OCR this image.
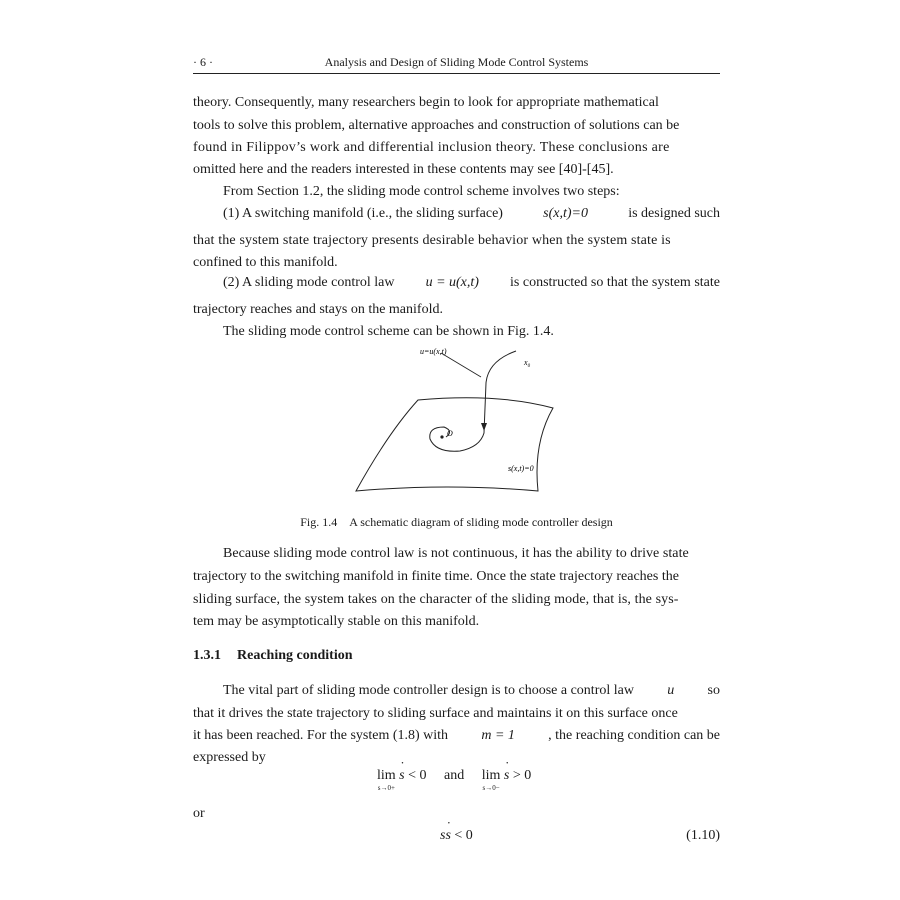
· 6 ·	Analysis and Design of Sliding Mode Control Systems
theory. Consequently, many researchers begin to look for appropriate mathematical
tools to solve this problem, alternative approaches and construction of solutions can be
found in Filippov’s work and differential inclusion theory. These conclusions are
omitted here and the readers interested in these contents may see [40]-[45].
From Section 1.2, the sliding mode control scheme involves two steps:
(1) A switching manifold (i.e., the sliding surface)	s(x,t)=0	is designed such
that the system state trajectory presents desirable behavior when the system state is
confined to this manifold.
(2) A sliding mode control law u = u(x,t) is constructed so that the system state
trajectory reaches and stays on the manifold.
The sliding mode control scheme can be shown in Fig. 1.4.
u=u(x,t)
$x_0$
O
s(x,t)=0
Fig. 1.4 A schematic diagram of sliding mode controller design
Because sliding mode control law is not continuous, it has the ability to drive state
trajectory to the switching manifold in finite time. Once the state trajectory reaches the
sliding surface, the system takes on the character of the sliding mode, that is, the sys-
tem may be asymptotically stable on this manifold.
1.3.1 Reaching condition
The vital part of sliding mode controller design is to choose a control law u so
that it drives the state trajectory to sliding surface and maintains it on this surface once
it has been reached. For the system (1.8) with m = 1 , the reaching condition can be
expressed by
lim
s→0+
s ˙ < 0 and lim
s→0−
s ˙ > 0
or
ss ˙ < 0	(1.10)
